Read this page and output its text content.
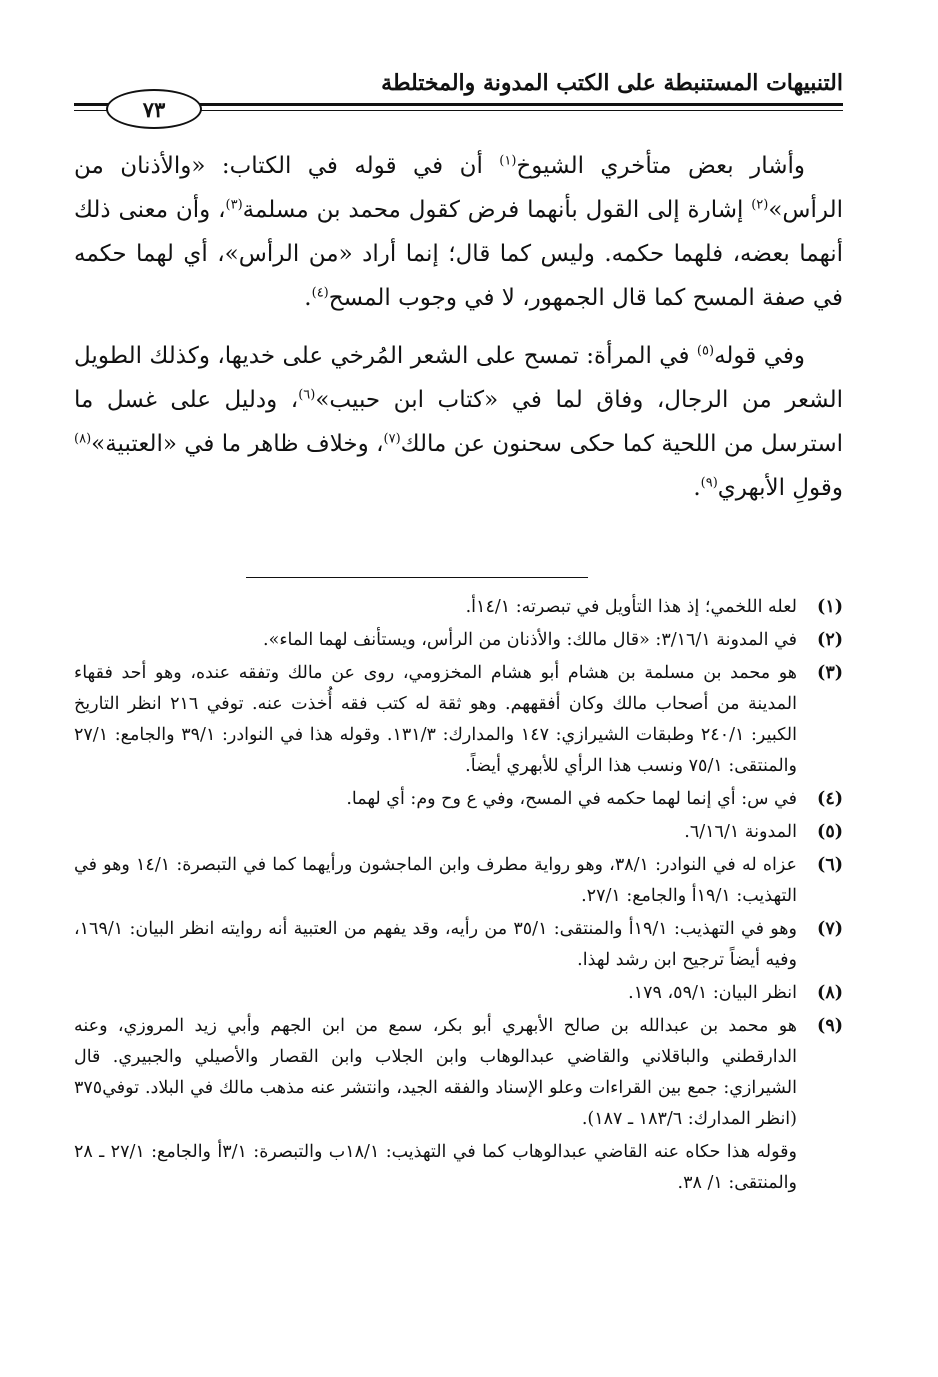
التنبيهات المستنبطة على الكتب المدونة والمختلطة
٧٣

وأشار بعض متأخري الشيوخ$^{(١)}$ أن في قوله في الكتاب: «والأذنان من الرأس»$^{(٢)}$ إشارة إلى القول بأنهما فرض كقول محمد بن مسلمة$^{(٣)}$، وأن معنى ذلك أنهما بعضه، فلهما حكمه. وليس كما قال؛ إنما أراد «من الرأس»، أي لهما حكمه في صفة المسح كما قال الجمهور، لا في وجوب المسح$^{(٤)}$.

وفي قوله$^{(٥)}$ في المرأة: تمسح على الشعر المُرخي على خديها، وكذلك الطويل الشعر من الرجال، وفاق لما في «كتاب ابن حبيب»$^{(٦)}$، ودليل على غسل ما استرسل من اللحية كما حكى سحنون عن مالك$^{(٧)}$، وخلاف ظاهر ما في «العتبية»$^{(٨)}$ وقولِ الأبهري$^{(٩)}$.

(١)
لعله اللخمي؛ إذ هذا التأويل في تبصرته: ١٤/١أ.
(٢)
في المدونة ٣/١٦/١: «قال مالك: والأذنان من الرأس، ويستأنف لهما الماء».
(٣)
هو محمد بن مسلمة بن هشام أبو هشام المخزومي، روى عن مالك وتفقه عنده، وهو أحد فقهاء المدينة من أصحاب مالك وكان أفقههم. وهو ثقة له كتب فقه أُخذت عنه. توفي ٢١٦ انظر التاريخ الكبير: ٢٤٠/١ وطبقات الشيرازي: ١٤٧ والمدارك: ١٣١/٣. وقوله هذا في النوادر: ٣٩/١ والجامع: ٢٧/١ والمنتقى: ٧٥/١ ونسب هذا الرأي للأبهري أيضاً.
(٤)
في س: أي إنما لهما حكمه في المسح، وفي ع وح وم: أي لهما.
(٥)
المدونة ٦/١٦/١.
(٦)
عزاه له في النوادر: ٣٨/١، وهو رواية مطرف وابن الماجشون ورأيهما كما في التبصرة: ١٤/١ وهو في التهذيب: ١٩/١أ والجامع: ٢٧/١.
(٧)
وهو في التهذيب: ١٩/١أ والمنتقى: ٣٥/١ من رأيه، وقد يفهم من العتبية أنه روايته انظر البيان: ١٦٩/١، وفيه أيضاً ترجيح ابن رشد لهذا.
(٨)
انظر البيان: ٥٩/١، ١٧٩.
(٩)
هو محمد بن عبدالله بن صالح الأبهري أبو بكر، سمع من ابن الجهم وأبي زيد المروزي، وعنه الدارقطني والباقلاني والقاضي عبدالوهاب وابن الجلاب وابن القصار والأصيلي والجبيري. قال الشيرازي: جمع بين القراءات وعلو الإسناد والفقه الجيد، وانتشر عنه مذهب مالك في البلاد. توفي٣٧٥ (انظر المدارك: ١٨٣/٦ ـ ١٨٧).
وقوله هذا حكاه عنه القاضي عبدالوهاب كما في التهذيب: ١٨/١ب والتبصرة: ٣/١أ والجامع: ٢٧/١ ـ ٢٨ والمنتقى: ١/ ٣٨.
